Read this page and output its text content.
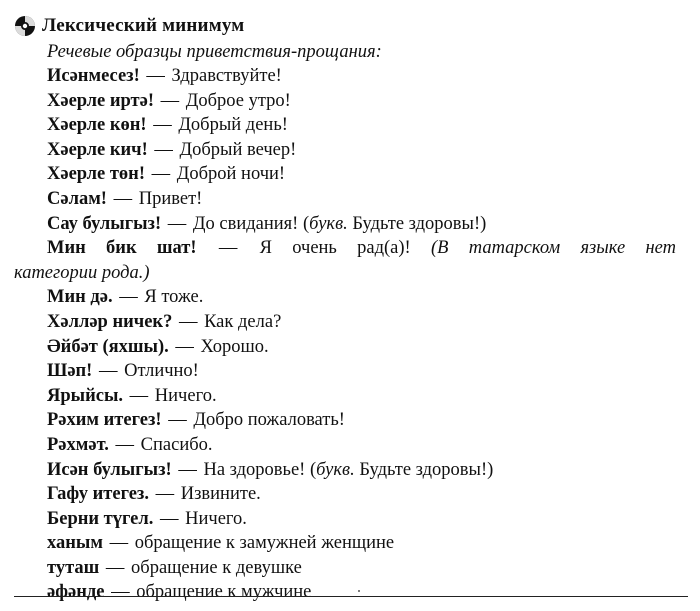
Лексический минимум
Речевые образцы приветствия-прощания:
Исәнмесез! — Здравствуйте!
Хәерле иртә! — Доброе утро!
Хәерле көн! — Добрый день!
Хәерле кич! — Добрый вечер!
Хәерле төн! — Доброй ночи!
Сәлам! — Привет!
Сау булыгыз! — До свидания! (букв. Будьте здоровы!)
Мин бик шат! — Я очень рад(а)! (В татарском языке нет
категории рода.)
Мин дә. — Я тоже.
Хәлләр ничек? — Как дела?
Әйбәт (яхшы). — Хорошо.
Шәп! — Отлично!
Ярыйсы. — Ничего.
Рәхим итегез! — Добро пожаловать!
Рәхмәт. — Спасибо.
Исән булыгыз! — На здоровье! (букв. Будьте здоровы!)
Гафу итегез. — Извините.
Берни түгел. — Ничего.
ханым — обращение к замужней женщине
туташ — обращение к девушке
әфәнде — обращение к мужчине
